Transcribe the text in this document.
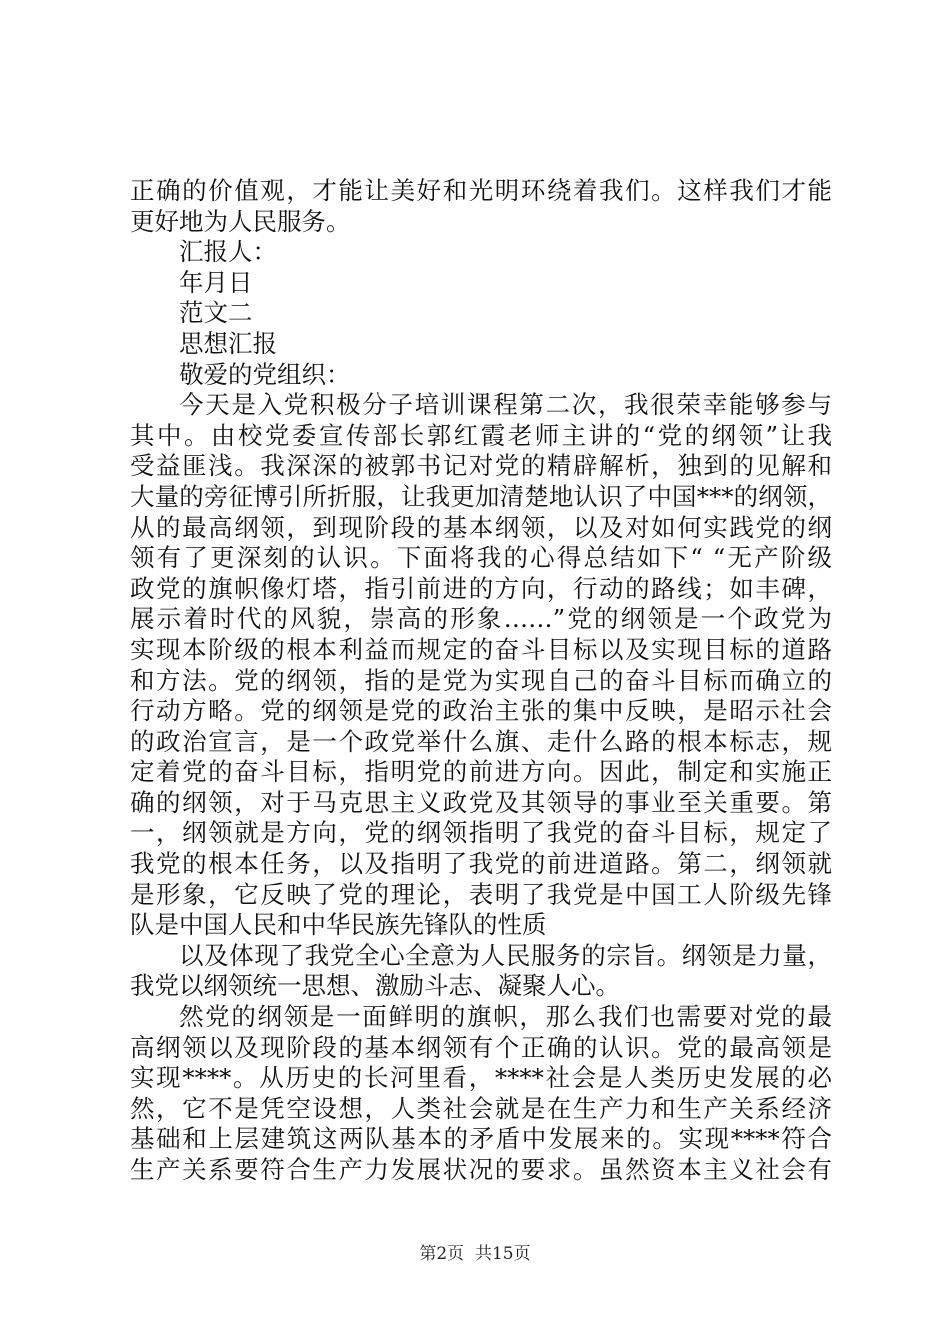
正确的价值观，才能让美好和光明环绕着我们。这样我们才能
更好地为人民服务。
汇报人：
年月日
范文二
思想汇报
敬爱的党组织：
今天是入党积极分子培训课程第二次，我很荣幸能够参与
其中。由校党委宣传部长郭红霞老师主讲的“党的纲领”让我
受益匪浅。我深深的被郭书记对党的精辟解析，独到的见解和
大量的旁征博引所折服，让我更加清楚地认识了中国***的纲领，
从的最高纲领，到现阶段的基本纲领，以及对如何实践党的纲
领有了更深刻的认识。下面将我的心得总结如下“ “无产阶级
政党的旗帜像灯塔，指引前进的方向，行动的路线；如丰碑，
展示着时代的风貌，崇高的形象……”党的纲领是一个政党为
实现本阶级的根本利益而规定的奋斗目标以及实现目标的道路
和方法。党的纲领，指的是党为实现自己的奋斗目标而确立的
行动方略。党的纲领是党的政治主张的集中反映，是昭示社会
的政治宣言，是一个政党举什么旗、走什么路的根本标志，规
定着党的奋斗目标，指明党的前进方向。因此，制定和实施正
确的纲领，对于马克思主义政党及其领导的事业至关重要。第
一，纲领就是方向，党的纲领指明了我党的奋斗目标，规定了
我党的根本任务，以及指明了我党的前进道路。第二，纲领就
是形象，它反映了党的理论，表明了我党是中国工人阶级先锋
队是中国人民和中华民族先锋队的性质
以及体现了我党全心全意为人民服务的宗旨。纲领是力量，
我党以纲领统一思想、激励斗志、凝聚人心。
然党的纲领是一面鲜明的旗帜，那么我们也需要对党的最
高纲领以及现阶段的基本纲领有个正确的认识。党的最高领是
实现****。从历史的长河里看，****社会是人类历史发展的必
然，它不是凭空设想，人类社会就是在生产力和生产关系经济
基础和上层建筑这两队基本的矛盾中发展来的。实现****符合
生产关系要符合生产力发展状况的要求。虽然资本主义社会有
第2页  共15页
